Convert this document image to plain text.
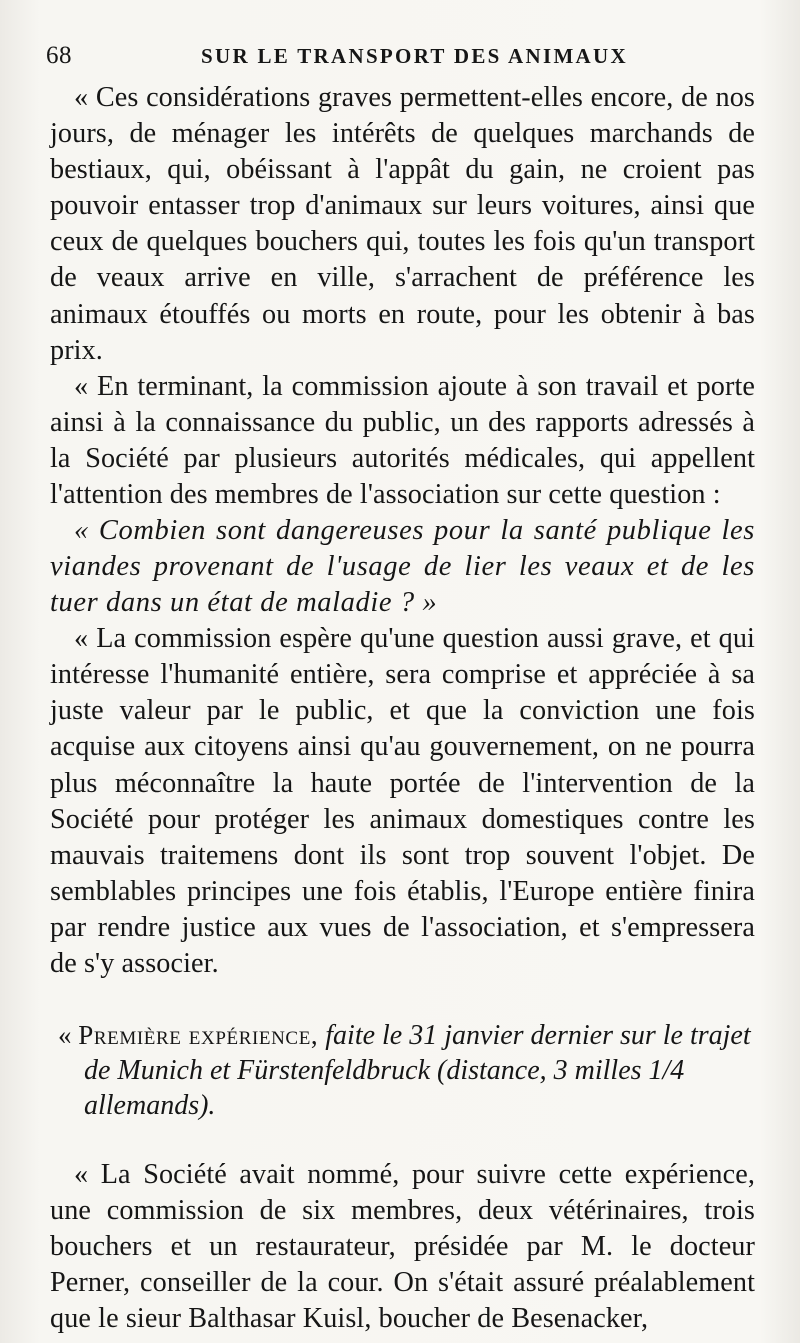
68	SUR LE TRANSPORT DES ANIMAUX

« Ces considérations graves permettent-elles encore, de nos jours, de ménager les intérêts de quelques marchands de bestiaux, qui, obéissant à l'appât du gain, ne croient pas pouvoir entasser trop d'animaux sur leurs voitures, ainsi que ceux de quelques bouchers qui, toutes les fois qu'un transport de veaux arrive en ville, s'arrachent de préférence les animaux étouffés ou morts en route, pour les obtenir à bas prix.

« En terminant, la commission ajoute à son travail et porte ainsi à la connaissance du public, un des rapports adressés à la Société par plusieurs autorités médicales, qui appellent l'attention des membres de l'association sur cette question :

« Combien sont dangereuses pour la santé publique les viandes provenant de l'usage de lier les veaux et de les tuer dans un état de maladie ? »

« La commission espère qu'une question aussi grave, et qui intéresse l'humanité entière, sera comprise et appréciée à sa juste valeur par le public, et que la conviction une fois acquise aux citoyens ainsi qu'au gouvernement, on ne pourra plus méconnaître la haute portée de l'intervention de la Société pour protéger les animaux domestiques contre les mauvais traitemens dont ils sont trop souvent l'objet. De semblables principes une fois établis, l'Europe entière finira par rendre justice aux vues de l'association, et s'empressera de s'y associer.

« Première expérience, faite le 31 janvier dernier sur le trajet de Munich et Fürstenfeldbruck (distance, 3 milles 1/4 allemands).

« La Société avait nommé, pour suivre cette expérience, une commission de six membres, deux vétérinaires, trois bouchers et un restaurateur, présidée par M. le docteur Perner, conseiller de la cour. On s'était assuré préalablement que le sieur Balthasar Kuisl, boucher de Besenacker,
